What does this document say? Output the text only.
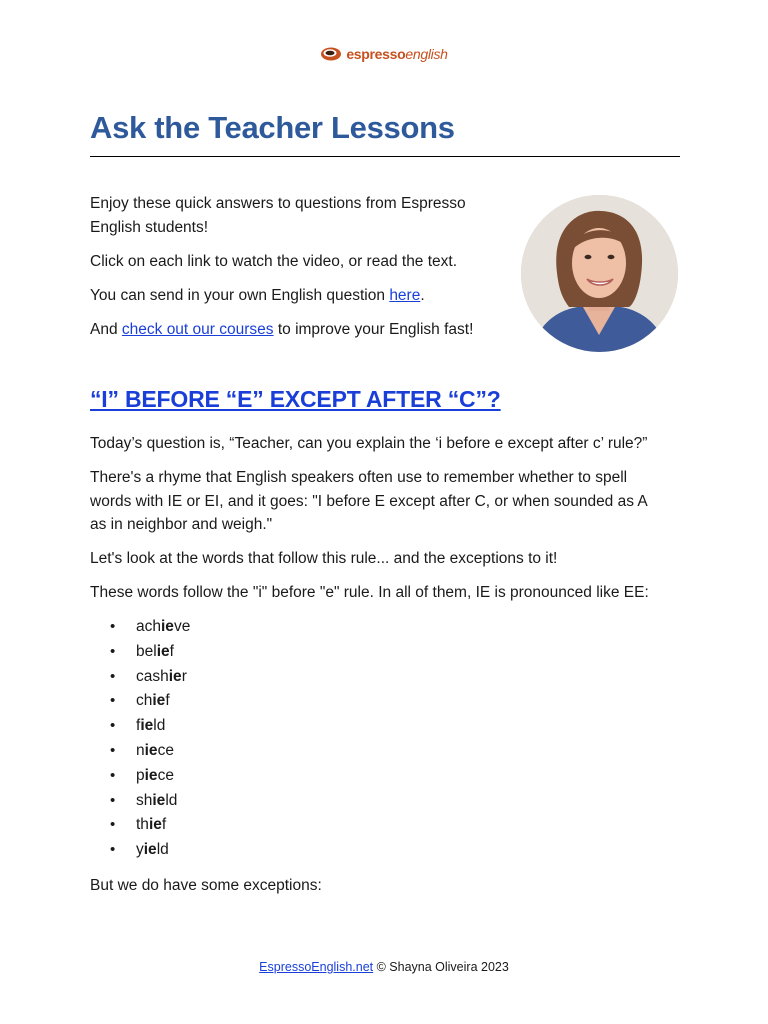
espressoenglish
Ask the Teacher Lessons

Enjoy these quick answers to questions from Espresso
English students!

Click on each link to watch the video, or read the text.

You can send in your own English question here.

And check out our courses to improve your English fast!

“I” BEFORE “E” EXCEPT AFTER “C”?

Today’s question is, “Teacher, can you explain the ‘i before e except after c’ rule?”

There's a rhyme that English speakers often use to remember whether to spell
words with IE or EI, and it goes: "I before E except after C, or when sounded as A
as in neighbor and weigh."

Let's look at the words that follow this rule... and the exceptions to it!

These words follow the "i" before "e" rule. In all of them, IE is pronounced like EE:

• achieve
• belief
• cashier
• chief
• field
• niece
• piece
• shield
• thief
• yield

But we do have some exceptions:

EspressoEnglish.net © Shayna Oliveira 2023
